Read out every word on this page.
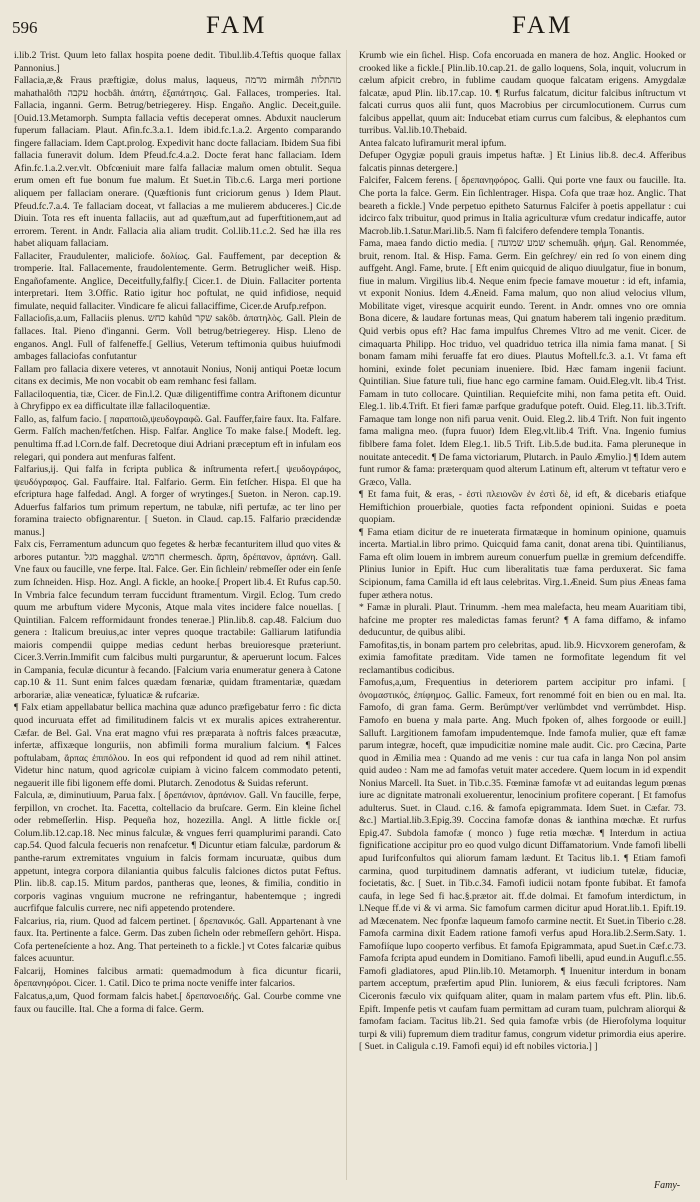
596	FAM	FAM

i.lib.2 Trist. Quum leto fallax hospita poene dedit. Tibul.lib.4.Teftis quoque fallax Pannonius.]

Fallacia,æ,& Fraus præftigiæ, dolus malus, laqueus, מרמה mirmâh מהתלות mahathalôth עקבה hocbâh. ἀπάτη, ἐξαπάτησις. Gal. Fallaces, tromperies. Ital. Fallacia, inganni. Germ. Betrug/betriegerey. Hisp. Engaño. Anglic. Deceit,guile.[Ouid.13.Metamorph. Sumpta fallacia veftis deceperat omnes. Abduxit nauclerum fuperum fallaciam. Plaut. Afin.fc.3.a.1. Idem ibid.fc.1.a.2. Argento comparando fingere fallaciam. Idem Capt.prolog. Expedivit hanc docte fallaciam. Ibidem Sua fibi fallacia funeravit dolum. Idem Pfeud.fc.4.a.2. Docte ferat hanc fallaciam. Idem Afin.fc.1.a.2.ver.vlt. Obfcœniuit mare falfa fallaciæ malum omen obtulit. Sequa erum omen eft fue bonum fue malum. Et Suet.in Tib.c.6. Larga meri portione aliquem per fallaciam onerare. (Quæftionis funt criciorum genus ) Idem Plaut. Pfeud.fc.7.a.4. Te fallaciam doceat, vt fallacias a me mulierem abduceres.] Cic.de Diuin. Tota res eft inuenta fallaciis, aut ad quæftum,aut ad fuperftitionem,aut ad errorem. Terent. in Andr. Fallacia alia aliam trudit. Col.lib.11.c.2. Sed hæ illa res habet aliquam fallaciam.

Fallaciter, Fraudulenter, maliciofe. δολίως. Gal. Fauffement, par deception & tromperie. Ital. Fallacemente, fraudolentemente. Germ. Betruglicher weiß. Hisp. Engañofamente. Anglice, Deceitfully,falfly.[ Cicer.1. de Diuin. Fallaciter portenta interpretari. Item 3.Offic. Ratio igitur hoc poftulat, ne quid infidiose, nequid fimulate, nequid fallaciter. Vindicare fe alicui fallaciffime, Cicer.de Arufp.refpon.

Fallacioſis,a.um, Fallaciis plenus. כחש kahûd שקר sakôb. ἀπατηλὸς. Gall. Plein de fallaces. Ital. Pieno d'inganni. Germ. Voll betrug/betriegerey. Hisp. Lleno de enganos. Angl. Full of falfeneffe.[ Gellius, Veterum teftimonia quibus huiufmodi ambages fallaciofas confutantur

Fallam pro fallacia dixere veteres, vt annotauit Nonius, Nonij antiqui Poetæ locum citans ex decimis, Me non vocabit ob eam remhanc fesi fallam.

Fallaciloquentia, tiæ, Cicer. de Fin.l.2. Quæ diligentiffime contra Ariftonem dicuntur à Chryfippo ex ea difficultate illæ fallaciloquentiæ.

Fallo, as, falfum facio. [ παραποιῶ,ψευδογραφῶ. Gal. Fauffer,faire faux. Ita. Falfare. Germ. Falſch machen/fetſchen. Hisp. Falfar. Anglice To make false.[ Modeft. leg. penultima ff.ad l.Corn.de falf. Decretoque diui Adriani præceptum eft in infulam eos relegari, qui pondera aut menfuras falfent.

Falfarius,ij. Qui falfa in fcripta publica & inſtrumenta refert.[ ψευδογράφος, ψευδόγραφος. Gal. Fauffaire. Ital. Falfario. Germ. Ein fetſcher. Hispa. El que ha efcriptura hage falfedad. Angl. A forger of wrytinges.[ Sueton. in Neron. cap.19. Aduerfus falfarios tum primum repertum, ne tabulæ, nifi pertufæ, ac ter lino per foramina traiecto obfignarentur. [ Sueton. in Claud. cap.15. Falfario præcidendæ manus.]

Falx cis, Ferramentum aduncum quo fegetes & herbæ fecanturitem illud quo vites & arbores putantur. מגל magghal. חרמש chermesch. ἄρπη, δρέπανον, ἀρπάνη. Gall. Vne faux ou faucille, vne ferpe. Ital. Falce. Ger. Ein ſichlein/ rebmeſſer oder ein ſenſe zum ſchneiden. Hisp. Hoz. Angl. A fickle, an hooke.[ Propert lib.4. Et Rufus cap.50. In Vmbria falce fecundum terram fuccidunt ftramentum. Virgil. Eclog. Tum credo quum me arbuftum videre Myconis, Atque mala vites incidere falce nouellas. [ Quintilian. Falcem refformidaunt frondes tenerae.] Plin.lib.8. cap.48. Falcium duo genera : Italicum breuius,ac inter vepres quoque tractabile: Galliarum latifundia maioris compendii quippe medias cedunt herbas breuioresque præteriunt. Cicer.3.Verrin.Immifit cum falcibus multi purgaruntur, & aperuerunt locum. Falces in Campania, feculæ dicuntur à fecando. [Falcium varia enumeratur genera à Catone cap.10 & 11. Sunt enim falces quædam fœnariæ, quidam ftramentariæ, quædam arborariæ, aliæ veneaticæ, fyluaticæ & rufcariæ.

¶ Falx etiam appellabatur bellica machina quæ adunco præfigebatur ferro : fic dicta quod incuruata effet ad fimilitudinem falcis vt ex muralis apices extraherentur. Cæfar. de Bel. Gal. Vna erat magno vfui res præparata à noftris falces præacutæ, infertæ, affixæque longuriis, non abfimili forma muralium falcium. ¶ Falces poftulabam, ἄρπας ἐπιπόλου. In eos qui refpondent id quod ad rem nihil attinet. Videtur hinc natum, quod agricolæ cuipiam à vicino falcem commodato petenti, negauerit ille fibi ligonem effe domi. Plutarch. Zenodotus & Suidas referunt.

Falcula, æ, diminutiuum, Parua falx. [ δρεπάνιον, ἀρπάνιον. Gall. Vn faucille, ferpe, ferpillon, vn crochet. Ita. Facetta, coltellacio da bruſcare. Germ. Ein kleine ſichel oder rebmeſſerlin. Hisp. Pequeña hoz, hozezilla. Angl. A little fickle or.[ Colum.lib.12.cap.18. Nec minus falculæ, & vngues ferri quamplurimi parandi. Cato cap.54. Quod falcula fecueris non renafcetur. ¶ Dicuntur etiam falculæ, pardorum & panthe-rarum extremitates vnguium in falcis formam incuruatæ, quibus dum appetunt, integra corpora dilaniantia quibus falculis falciones dictos putat Feftus. Plin. lib.8. cap.15. Mitum pardos, pantheras que, leones, & fimilia, conditio in corporis vaginas vnguium mucrone ne refringantur, habentemque ; ingredi aucrfifque falculis currere, nec nifi appetendo protendere.

Falcarius, ria, rium. Quod ad falcem pertinet. [ δρεπανικός. Gall. Appartenant à vne faux. Ita. Pertinente a falce. Germ. Das zuben ſicheln oder rebmeſſern gehört. Hispa. Cofa perteneſciente a hoz. Ang. That perteineth to a fickle.] vt Cotes falcariæ quibus falces acuuntur.

Falcarij, Homines falcibus armati: quemadmodum à fica dicuntur ficarii, δρεπανηφόροι. Cicer. 1. Catil. Dico te prima nocte veniffe inter falcarios.

Falcatus,a,um, Quod formam falcis habet.[ δρεπανοειδής. Gal. Courbe comme vne faux ou faucille. Ital. Che a forma di falce. Germ.

Krumb wie ein ſichel. Hisp. Cofa encoruada en manera de hoz. Anglic. Hooked or crooked like a fickle.[ Plin.lib.10.cap.21. de gallo loquens, Sola, inquit, volucrum in cælum afpicit crebro, in fublime caudam quoque falcatam erigens. Amygdalæ falcatæ, apud Plin. lib.17.cap. 10. ¶ Rurfus falcatum, dicitur falcibus inſtructum vt falcati currus quos alii funt, quos Macrobius per circumlocutionem. Currus cum falcibus appellat, quum ait: Inducebat etiam currus cum falcibus, & elephantos cum turribus. Val.lib.10.Thebaid.

Antea falcato lufiramurit meral ipfum.

Defuper Ogygiæ populi grauis impetus haftæ. ] Et Linius lib.8. dec.4. Afferibus falcatis pinnas detergere.]

Falcifer, Falcem ferens. [ δρεπανηφόρος. Galli. Qui porte vne faux ou faucille. Ita. Che porta la falce. Germ. Ein ſichlentrager. Hispa. Cofa que traæ hoz. Anglic. That beareth a fickle.] Vnde perpetuo epitheto Saturnus Falcifer à poetis appellatur : cui idcirco falx tribuitur, quod primus in Italia agriculturæ vfum credatur indicaffe, autor Macrob.lib.1.Satur.Mari.lib.5. Nam fi falcifero defendere templa Tonantis.

Fama, maea fando dictio media. [ שמע שמועה schemuâh. φήμη. Gal. Renommée, bruit, renom. Ital. & Hisp. Fama. Germ. Ein geſchrey/ ein red ſo von einem ding auffgeht. Angl. Fame, brute. [ Eft enim quicquid de aliquo diuulgatur, fiue in bonum, fiue in malum. Virgilius lib.4. Neque enim fpecie famave mouetur : id eft, infamia, vt exponit Nonius. Idem 4.Æneid. Fama malum, quo non aliud velocius vllum, Mobilitate viget, viresque acquirit eundo. Terent. in Andr. omnes vno ore omnia Bona dicere, & laudare fortunas meas, Qui gnatum haberem tali ingenio præditum. Quid verbis opus eft? Hac fama impulfus Chremes Vltro ad me venit. Cicer. de cimaquarta Philipp. Hoc triduo, vel quadriduo tetrica illa nimia fama manat. [ Si bonam famam mihi feruaffe fat ero diues. Plautus Moftell.fc.3. a.1. Vt fama eft homini, exinde folet pecuniam inueniere. Ibid. Hæc famam ingenii faciunt. Quintilian. Siue fature tuli, fiue hanc ego carmine famam. Ouid.Eleg.vlt. lib.4 Trist. Famam in tuto collocare. Quintilian. Requiefcite mihi, non fama petita eft. Ouid. Eleg.1. lib.4.Trift. Et fieri famæ parfque gradufque poteft. Ouid. Eleg.11. lib.3.Trift. Famaque tam longe non nifi parua venit. Ouid. Eleg.2. lib.4 Trift. Non fuit ingento fama maligna meo. (fupra fuuor) Idem Eleg.vlt.lib.4 Trift. Vna. Ingenio fumius fiblbere fama folet. Idem Eleg.1. lib.5 Trift. Lib.5.de bud.ita. Fama pleruneque in nouitate antecedit. ¶ De fama victoriarum, Plutarch. in Paulo Æmylio.] ¶ Idem autem funt rumor & fama: præterquam quod alterum Latinum eft, alterum vt teftatur vero e Græco, Valla.

¶ Et fama fuit, & eras, - ἐστὶ πλειονῶν ἐν ἐστὶ δὲ, id eft, & dicebaris etiafque Hemiftichion prouerbiale, quoties facta refpondent opinioni. Suidas e poeta quopiam.

¶ Fama etiam dicitur de re inueterata firmatæque in hominum opinione, quamuis incerta. Martial.in libro primo. Quicquid fama canit, donat arena tibi. Quintilianus, Fama eft olim louem in imbrem aureum conuerfum puellæ in gremium defcendiffe. Plinius Iunior in Epift. Huc cum liberalitatis tuæ fama perduxerat. Sic fama Scipionum, fama Camilla id eft laus celebritas. Virg.1.Æneid. Sum pius Æneas fama fuper æthera notus.

* Famæ in plurali. Plaut. Trinumm. -hem mea malefacta, heu meam Auaritiam tibi, hafcine me propter res maledictas famas ferunt? ¶ A fama diffamo, & infamo deducuntur, de quibus alibi.

Famofitas,tis, in bonam partem pro celebritas, apud. lib.9. Hicvxorem generofam, & eximia famofitate præditam. Vide tamen ne formofitate legendum fit vel reclamantibus codicibus.

Famofus,a,um, Frequentius in deteriorem partem accipitur pro infami. [ ὀνομαστικός, ἐπίφημος. Gallic. Fameux, fort renommé foit en bien ou en mal. Ita. Famofo, di gran fama. Germ. Berümpt/ver verlümbdet vnd verrümbdet. Hisp. Famofo en buena y mala parte. Ang. Much fpoken of, alhes forgoode or euill.] Salluft. Largitionem famofam impudentemque. Inde famofa mulier, quæ eft famæ parum integræ, hoceft, quæ impudicitiæ nomine male audit. Cic. pro Cæcina, Parte quod in Æmilia mea : Quando ad me venis : cur tua cafa in langa Non pol ansim quid audeo : Nam me ad famofas vetuit mater accedere. Quem locum in id expendit Nonius Marcell. Ita Suet. in Tib.c.35. Fœminæ famofæ vt ad euitandas legum pœnas iure ac dignitate matronali exoluerentur, lenocinium profitere coperant. [ Et famofus adulterus. Suet. in Claud. c.16. & famofa epigrammata. Idem Suet. in Cæfar. 73. &c.] Martial.lib.3.Epig.39. Coccina famofæ donas & ianthina mœchæ. Et rurfus Epig.47. Subdola famofæ ( monco ) fuge retia mœchæ. ¶ Interdum in actiua fignificatione accipitur pro eo quod vulgo dicunt Diffamatorium. Vnde famofi libelli apud Iurifconfultos qui aliorum famam lædunt. Et Tacitus lib.1. ¶ Etiam famofi carmina, quod turpitudinem damnatis adferant, vt iudicium tutelæ, fiduciæ, focietatis, &c. [ Suet. in Tib.c.34. Famofi iudicii notam fponte fubibat. Et famofa caufa, in lege Sed fi hac.§.prætor ait. ff.de dolmai. Et famofum interdictum, in l.Neque ff.de vi & vi arma. Sic famofum carmen dicitur apud Horat.lib.1. Epift.19. ad Mæcenatem. Nec fponfæ laqueum famofo carmine nectit. Et Suet.in Tiberio c.28. Famofa carmina dixit Eadem ratione famofi verfus apud Hora.lib.2.Serm.Saty. 1. Famofiíque lupo cooperto verfibus. Et famofa Epigrammata, apud Suet.in Cæf.c.73. Famofa fcripta apud eundem in Domitiano. Famofi libelli, apud eund.in Augufl.c.55. Famofi gladiatores, apud Plin.lib.10. Metamorph. ¶ Inuenitur interdum in bonam partem acceptum, præfertim apud Plin. Iuniorem, & eius fæculi fcriptores. Nam Ciceronis fæculo vix quifquam aliter, quam in malam partem vfus eft. Plin. lib.6. Epift. Impenfe petis vt caufam fuam permittam ad curam tuam, pulchram aliorqui & famofam faciam. Tacitus lib.21. Sed quia famofæ vrbis (de Hierofolyma loquitur turpi & vili) fupremum diem traditur famus, congrum videtur primordia eius aperire. [ Suet. in Caligula c.19. Famofi equi) id eft nobiles victoria.] ]

Famy-
